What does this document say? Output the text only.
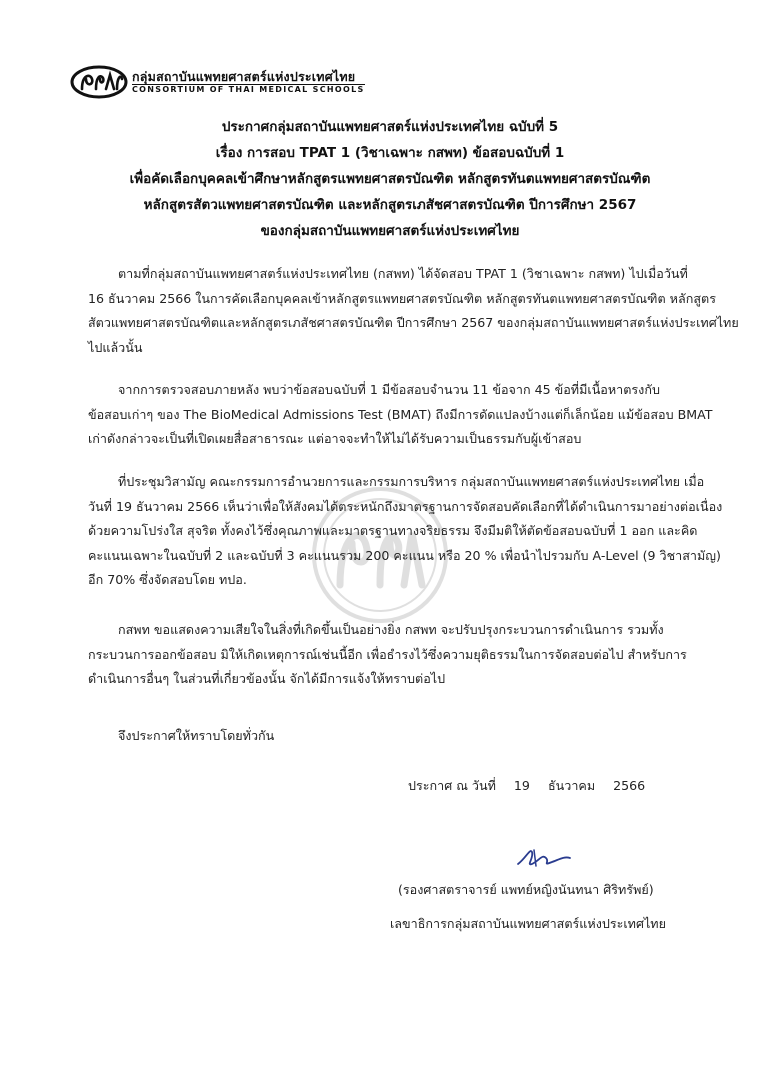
กลุ่มสถาบันแพทยศาสตร์แห่งประเทศไทย
CONSORTIUM OF THAI MEDICAL SCHOOLS
ประกาศกลุ่มสถาบันแพทยศาสตร์แห่งประเทศไทย ฉบับที่ 5
เรื่อง การสอบ TPAT 1 (วิชาเฉพาะ กสพท) ข้อสอบฉบับที่ 1
เพื่อคัดเลือกบุคคลเข้าศึกษาหลักสูตรแพทยศาสตรบัณฑิต หลักสูตรทันตแพทยศาสตรบัณฑิต
หลักสูตรสัตวแพทยศาสตรบัณฑิต และหลักสูตรเภสัชศาสตรบัณฑิต ปีการศึกษา 2567
ของกลุ่มสถาบันแพทยศาสตร์แห่งประเทศไทย
ตามที่กลุ่มสถาบันแพทยศาสตร์แห่งประเทศไทย (กสพท) ได้จัดสอบ TPAT 1 (วิชาเฉพาะ กสพท) ไปเมื่อวันที่
16 ธันวาคม 2566 ในการคัดเลือกบุคคลเข้าหลักสูตรแพทยศาสตรบัณฑิต หลักสูตรทันตแพทยศาสตรบัณฑิต หลักสูตร
สัตวแพทยศาสตรบัณฑิตและหลักสูตรเภสัชศาสตรบัณฑิต ปีการศึกษา 2567 ของกลุ่มสถาบันแพทยศาสตร์แห่งประเทศไทย
ไปแล้วนั้น
จากการตรวจสอบภายหลัง พบว่าข้อสอบฉบับที่ 1 มีข้อสอบจำนวน 11 ข้อจาก 45 ข้อที่มีเนื้อหาตรงกับ
ข้อสอบเก่าๆ ของ The BioMedical Admissions Test (BMAT) ถึงมีการดัดแปลงบ้างแต่ก็เล็กน้อย แม้ข้อสอบ BMAT
เก่าดังกล่าวจะเป็นที่เปิดเผยสื่อสาธารณะ แต่อาจจะทำให้ไม่ได้รับความเป็นธรรมกับผู้เข้าสอบ
ที่ประชุมวิสามัญ คณะกรรมการอำนวยการและกรรมการบริหาร กลุ่มสถาบันแพทยศาสตร์แห่งประเทศไทย เมื่อ
วันที่ 19 ธันวาคม 2566 เห็นว่าเพื่อให้สังคมได้ตระหนักถึงมาตรฐานการจัดสอบคัดเลือกที่ได้ดำเนินการมาอย่างต่อเนื่อง
ด้วยความโปร่งใส สุจริต ทั้งคงไว้ซึ่งคุณภาพและมาตรฐานทางจริยธรรม จึงมีมติให้ตัดข้อสอบฉบับที่ 1 ออก และคิด
คะแนนเฉพาะในฉบับที่ 2 และฉบับที่ 3 คะแนนรวม 200 คะแนน หรือ 20 % เพื่อนำไปรวมกับ A-Level (9 วิชาสามัญ)
อีก 70% ซึ่งจัดสอบโดย ทปอ.
กสพท ขอแสดงความเสียใจในสิ่งที่เกิดขึ้นเป็นอย่างยิ่ง กสพท จะปรับปรุงกระบวนการดำเนินการ รวมทั้ง
กระบวนการออกข้อสอบ มิให้เกิดเหตุการณ์เช่นนี้อีก เพื่อธำรงไว้ซึ่งความยุติธรรมในการจัดสอบต่อไป สำหรับการ
ดำเนินการอื่นๆ ในส่วนที่เกี่ยวข้องนั้น จักได้มีการแจ้งให้ทราบต่อไป
จึงประกาศให้ทราบโดยทั่วกัน
ประกาศ ณ วันที่ 19 ธันวาคม 2566
(รองศาสตราจารย์ แพทย์หญิงนันทนา ศิริทรัพย์)
เลขาธิการกลุ่มสถาบันแพทยศาสตร์แห่งประเทศไทย
